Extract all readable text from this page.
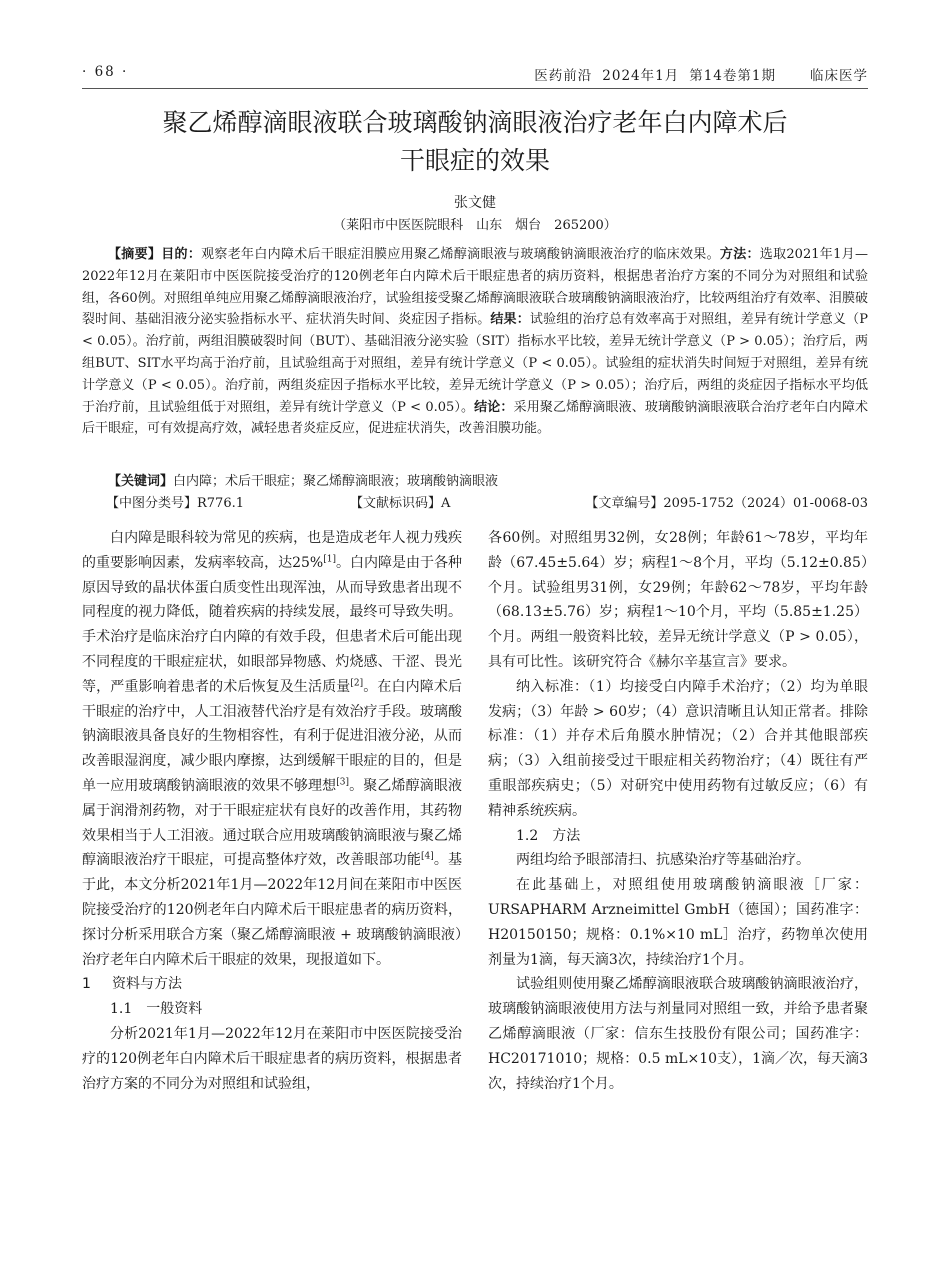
· 68 ·	医药前沿 2024年1月 第14卷第1期	临床医学
聚乙烯醇滴眼液联合玻璃酸钠滴眼液治疗老年白内障术后
干眼症的效果
张文健
（莱阳市中医医院眼科　山东　烟台　265200）
【摘要】目的：观察老年白内障术后干眼症泪膜应用聚乙烯醇滴眼液与玻璃酸钠滴眼液治疗的临床效果。方法：选取2021年1月—2022年12月在莱阳市中医医院接受治疗的120例老年白内障术后干眼症患者的病历资料，根据患者治疗方案的不同分为对照组和试验组，各60例。对照组单纯应用聚乙烯醇滴眼液治疗，试验组接受聚乙烯醇滴眼液联合玻璃酸钠滴眼液治疗，比较两组治疗有效率、泪膜破裂时间、基础泪液分泌实验指标水平、症状消失时间、炎症因子指标。结果：试验组的治疗总有效率高于对照组，差异有统计学意义（P < 0.05）。治疗前，两组泪膜破裂时间（BUT）、基础泪液分泌实验（SIT）指标水平比较，差异无统计学意义（P > 0.05）；治疗后，两组BUT、SIT水平均高于治疗前，且试验组高于对照组，差异有统计学意义（P < 0.05）。试验组的症状消失时间短于对照组，差异有统计学意义（P < 0.05）。治疗前，两组炎症因子指标水平比较，差异无统计学意义（P > 0.05）；治疗后，两组的炎症因子指标水平均低于治疗前，且试验组低于对照组，差异有统计学意义（P < 0.05）。结论：采用聚乙烯醇滴眼液、玻璃酸钠滴眼液联合治疗老年白内障术后干眼症，可有效提高疗效，减轻患者炎症反应，促进症状消失，改善泪膜功能。
【关键词】白内障；术后干眼症；聚乙烯醇滴眼液；玻璃酸钠滴眼液
【中图分类号】R776.1	【文献标识码】A	【文章编号】2095-1752（2024）01-0068-03

白内障是眼科较为常见的疾病，也是造成老年人视力残疾的重要影响因素，发病率较高，达25%[1]。白内障是由于各种原因导致的晶状体蛋白质变性出现浑浊，从而导致患者出现不同程度的视力降低，随着疾病的持续发展，最终可导致失明。手术治疗是临床治疗白内障的有效手段，但患者术后可能出现不同程度的干眼症症状，如眼部异物感、灼烧感、干涩、畏光等，严重影响着患者的术后恢复及生活质量[2]。在白内障术后干眼症的治疗中，人工泪液替代治疗是有效治疗手段。玻璃酸钠滴眼液具备良好的生物相容性，有利于促进泪液分泌，从而改善眼湿润度，减少眼内摩擦，达到缓解干眼症的目的，但是单一应用玻璃酸钠滴眼液的效果不够理想[3]。聚乙烯醇滴眼液属于润滑剂药物，对于干眼症症状有良好的改善作用，其药物效果相当于人工泪液。通过联合应用玻璃酸钠滴眼液与聚乙烯醇滴眼液治疗干眼症，可提高整体疗效，改善眼部功能[4]。基于此，本文分析2021年1月—2022年12月间在莱阳市中医医院接受治疗的120例老年白内障术后干眼症患者的病历资料，探讨分析采用联合方案（聚乙烯醇滴眼液 + 玻璃酸钠滴眼液）治疗老年白内障术后干眼症的效果，现报道如下。

1 资料与方法

1.1　一般资料

分析2021年1月—2022年12月在莱阳市中医医院接受治疗的120例老年白内障术后干眼症患者的病历资料，根据患者治疗方案的不同分为对照组和试验组，

各60例。对照组男32例，女28例；年龄61～78岁，平均年龄（67.45±5.64）岁；病程1～8个月，平均（5.12±0.85）个月。试验组男31例，女29例；年龄62～78岁，平均年龄（68.13±5.76）岁；病程1～10个月，平均（5.85±1.25）个月。两组一般资料比较，差异无统计学意义（P > 0.05），具有可比性。该研究符合《赫尔辛基宣言》要求。

纳入标准：（1）均接受白内障手术治疗；（2）均为单眼发病；（3）年龄 > 60岁；（4）意识清晰且认知正常者。排除标准：（1）并存术后角膜水肿情况；（2）合并其他眼部疾病；（3）入组前接受过干眼症相关药物治疗；（4）既往有严重眼部疾病史；（5）对研究中使用药物有过敏反应；（6）有精神系统疾病。

1.2　方法

两组均给予眼部清扫、抗感染治疗等基础治疗。

在此基础上，对照组使用玻璃酸钠滴眼液［厂家：URSAPHARM Arzneimittel GmbH（德国）；国药准字：H20150150；规格：0.1%×10 mL］治疗，药物单次使用剂量为1滴，每天滴3次，持续治疗1个月。

试验组则使用聚乙烯醇滴眼液联合玻璃酸钠滴眼液治疗，玻璃酸钠滴眼液使用方法与剂量同对照组一致，并给予患者聚乙烯醇滴眼液（厂家：信东生技股份有限公司；国药准字：HC20171010；规格：0.5 mL×10支），1滴／次，每天滴3次，持续治疗1个月。
